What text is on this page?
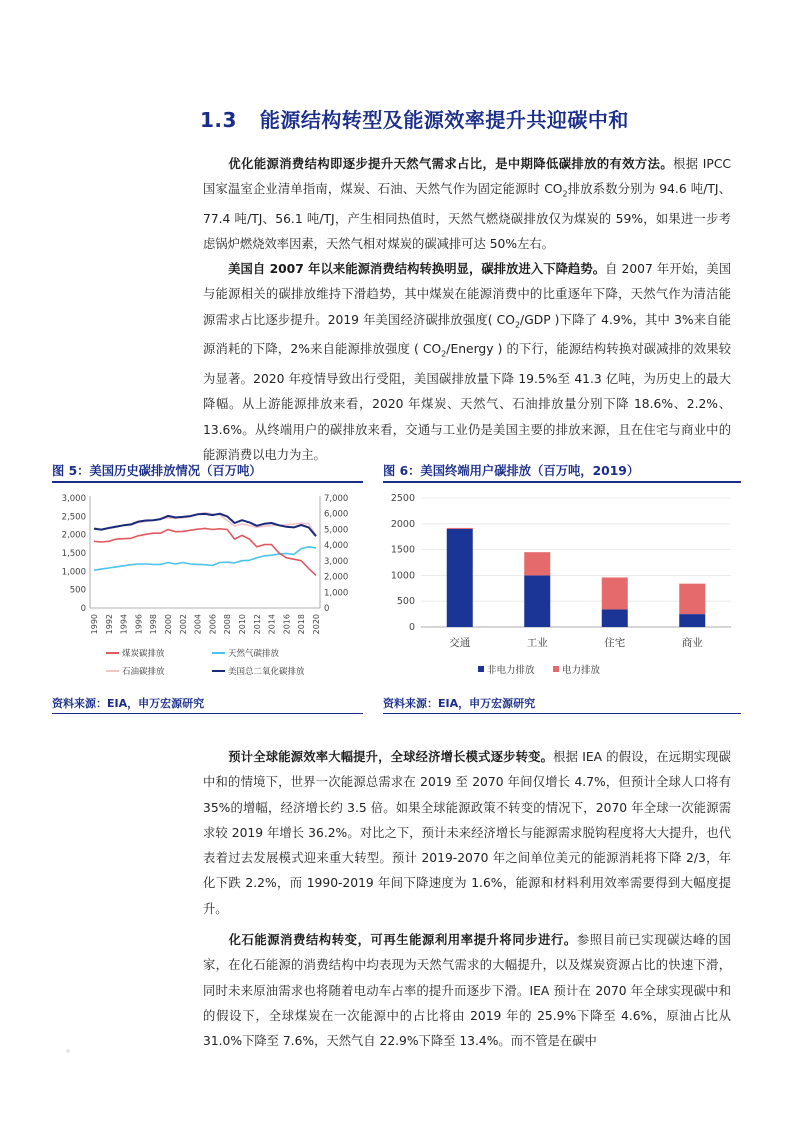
1.3 能源结构转型及能源效率提升共迎碳中和

优化能源消费结构即逐步提升天然气需求占比，是中期降低碳排放的有效方法。根据 IPCC 国家温室企业清单指南，煤炭、石油、天然气作为固定能源时 $CO_2$排放系数分别为 94.6 吨/TJ、77.4 吨/TJ、56.1 吨/TJ，产生相同热值时，天然气燃烧碳排放仅为煤炭的 59%，如果进一步考虑锅炉燃烧效率因素，天然气相对煤炭的碳减排可达 50%左右。

美国自 2007 年以来能源消费结构转换明显，碳排放进入下降趋势。自 2007 年开始，美国与能源相关的碳排放维持下滑趋势，其中煤炭在能源消费中的比重逐年下降，天然气作为清洁能源需求占比逐步提升。2019 年美国经济碳排放强度( $CO_2$/GDP )下降了 4.9%，其中 3%来自能源消耗的下降，2%来自能源排放强度 ( $CO_2$/Energy ) 的下行，能源结构转换对碳减排的效果较为显著。2020 年疫情导致出行受阻，美国碳排放量下降 19.5%至 41.3 亿吨，为历史上的最大降幅。从上游能源排放来看，2020 年煤炭、天然气、石油排放量分别下降 18.6%、2.2%、13.6%。从终端用户的碳排放来看，交通与工业仍是美国主要的排放来源，且在住宅与商业中的能源消费以电力为主。

图 5：美国历史碳排放情况（百万吨）	图 6：美国终端用户碳排放（百万吨，2019）
3,000
2,500
2,000
1,500
1,000
500
0
7,000
6,000
5,000
4,000
3,000
2,000
1,000
0
1990 1992 1994 1996 1998 2000 2002 2004 2006 2008 2010 2012 2014 2016 2018 2020
煤炭碳排放	天然气碳排放
石油碳排放	美国总二氧化碳排放
2500
2000
1500
1000
500
0
交通	工业	住宅	商业
非电力排放	电力排放
资料来源：EIA，申万宏源研究	资料来源：EIA，申万宏源研究

预计全球能源效率大幅提升，全球经济增长模式逐步转变。根据 IEA 的假设，在远期实现碳中和的情境下，世界一次能源总需求在 2019 至 2070 年间仅增长 4.7%，但预计全球人口将有 35%的增幅，经济增长约 3.5 倍。如果全球能源政策不转变的情况下，2070 年全球一次能源需求较 2019 年增长 36.2%。对比之下，预计未来经济增长与能源需求脱钩程度将大大提升，也代表着过去发展模式迎来重大转型。预计 2019-2070 年之间单位美元的能源消耗将下降 2/3，年化下跌 2.2%，而 1990-2019 年间下降速度为 1.6%，能源和材料利用效率需要得到大幅度提升。

化石能源消费结构转变，可再生能源利用率提升将同步进行。参照目前已实现碳达峰的国家，在化石能源的消费结构中均表现为天然气需求的大幅提升，以及煤炭资源占比的快速下滑，同时未来原油需求也将随着电动车占率的提升而逐步下滑。IEA 预计在 2070 年全球实现碳中和的假设下，全球煤炭在一次能源中的占比将由 2019 年的 25.9%下降至 4.6%，原油占比从 31.0%下降至 7.6%，天然气自 22.9%下降至 13.4%。而不管是在碳中
